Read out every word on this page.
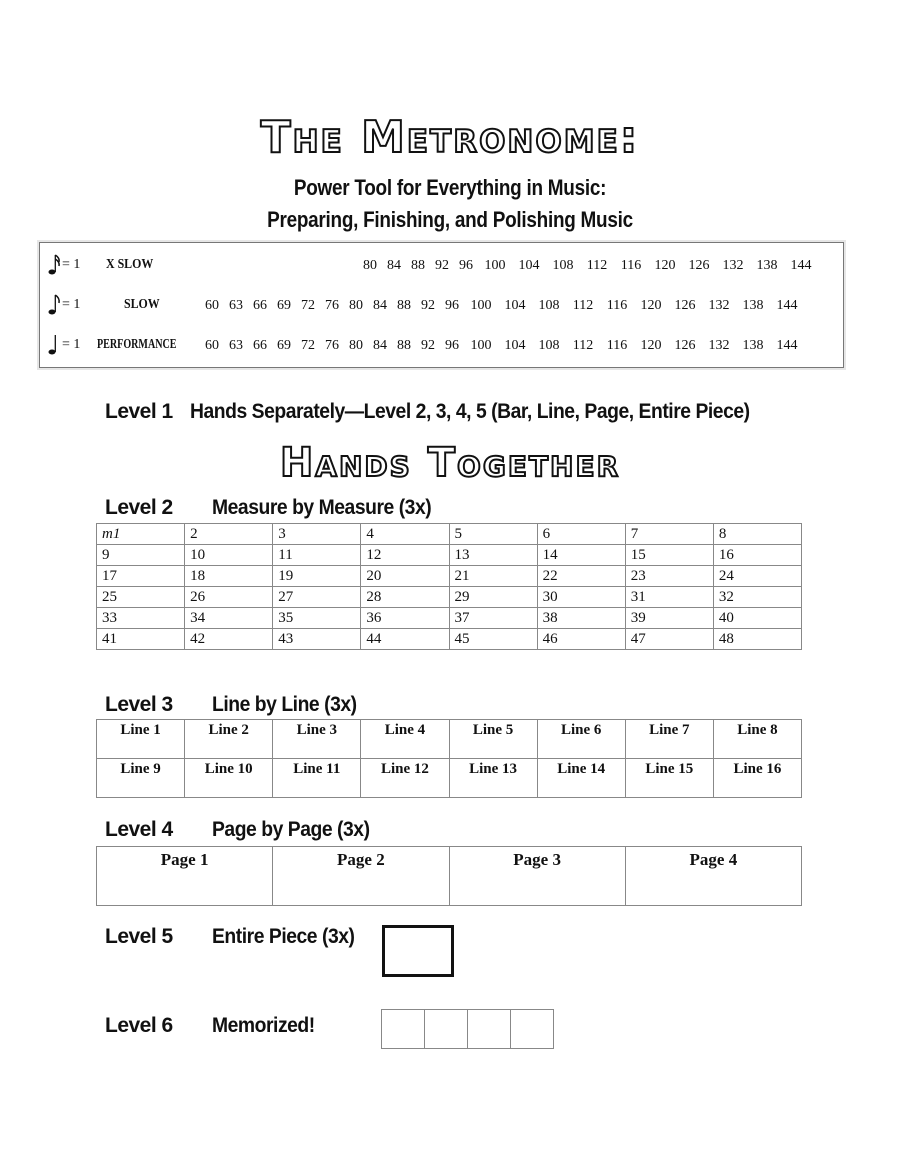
The Metronome:
Power Tool for Everything in Music:
Preparing, Finishing, and Polishing Music
= 1 X SLOW	80 84 88 92 96 100 104 108 112 116 120 126 132 138 144
= 1	SLOW	60 63 66 69 72 76 80 84 88 92 96 100 104 108 112 116 120 126 132 138 144
= 1 PERFORMANCE	60 63 66 69 72 76 80 84 88 92 96 100 104 108 112 116 120 126 132 138 144
Level 1 Hands Separately—Level 2, 3, 4, 5 (Bar, Line, Page, Entire Piece)
Hands Together
Level 2 Measure by Measure (3x)
m1	2	3	4	5	6	7	8
9	10	11	12	13	14	15	16
17	18	19	20	21	22	23	24
25	26	27	28	29	30	31	32
33	34	35	36	37	38	39	40
41	42	43	44	45	46	47	48
Level 3 Line by Line (3x)
Line 1	Line 2	Line 3	Line 4	Line 5	Line 6	Line 7	Line 8
Line 9	Line 10	Line 11	Line 12	Line 13	Line 14	Line 15	Line 16
Level 4 Page by Page (3x)
Page 1	Page 2	Page 3	Page 4
Level 5 Entire Piece (3x)
Level 6 Memorized!
